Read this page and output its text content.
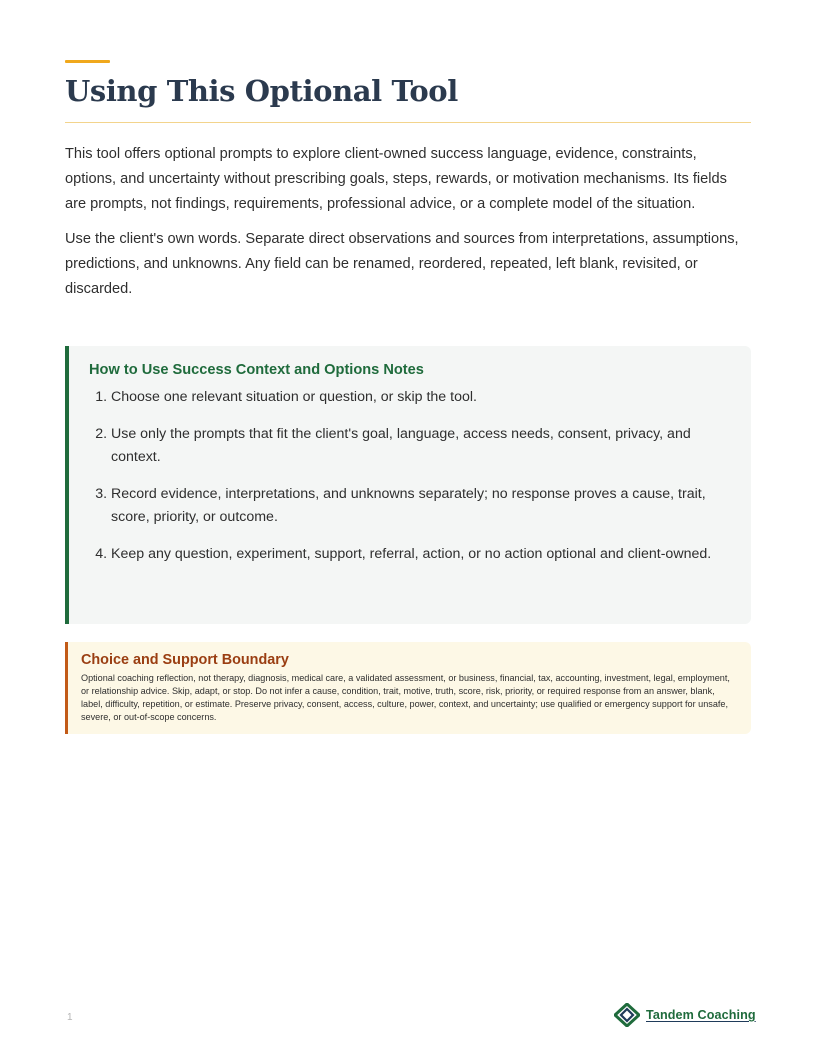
Using This Optional Tool

This tool offers optional prompts to explore client-owned success language, evidence, constraints, options, and uncertainty without prescribing goals, steps, rewards, or motivation mechanisms. Its fields are prompts, not findings, requirements, professional advice, or a complete model of the situation.

Use the client's own words. Separate direct observations and sources from interpretations, assumptions, predictions, and unknowns. Any field can be renamed, reordered, repeated, left blank, revisited, or discarded.

How to Use Success Context and Options Notes
1. Choose one relevant situation or question, or skip the tool.
2. Use only the prompts that fit the client's goal, language, access needs, consent, privacy, and context.
3. Record evidence, interpretations, and unknowns separately; no response proves a cause, trait, score, priority, or outcome.
4. Keep any question, experiment, support, referral, action, or no action optional and client-owned.
Choice and Support Boundary

Optional coaching reflection, not therapy, diagnosis, medical care, a validated assessment, or business, financial, tax, accounting, investment, legal, employment, or relationship advice. Skip, adapt, or stop. Do not infer a cause, condition, trait, motive, truth, score, risk, priority, or required response from an answer, blank, label, difficulty, repetition, or estimate. Preserve privacy, consent, access, culture, power, context, and uncertainty; use qualified or emergency support for unsafe, severe, or out-of-scope concerns.

1	Tandem Coaching
